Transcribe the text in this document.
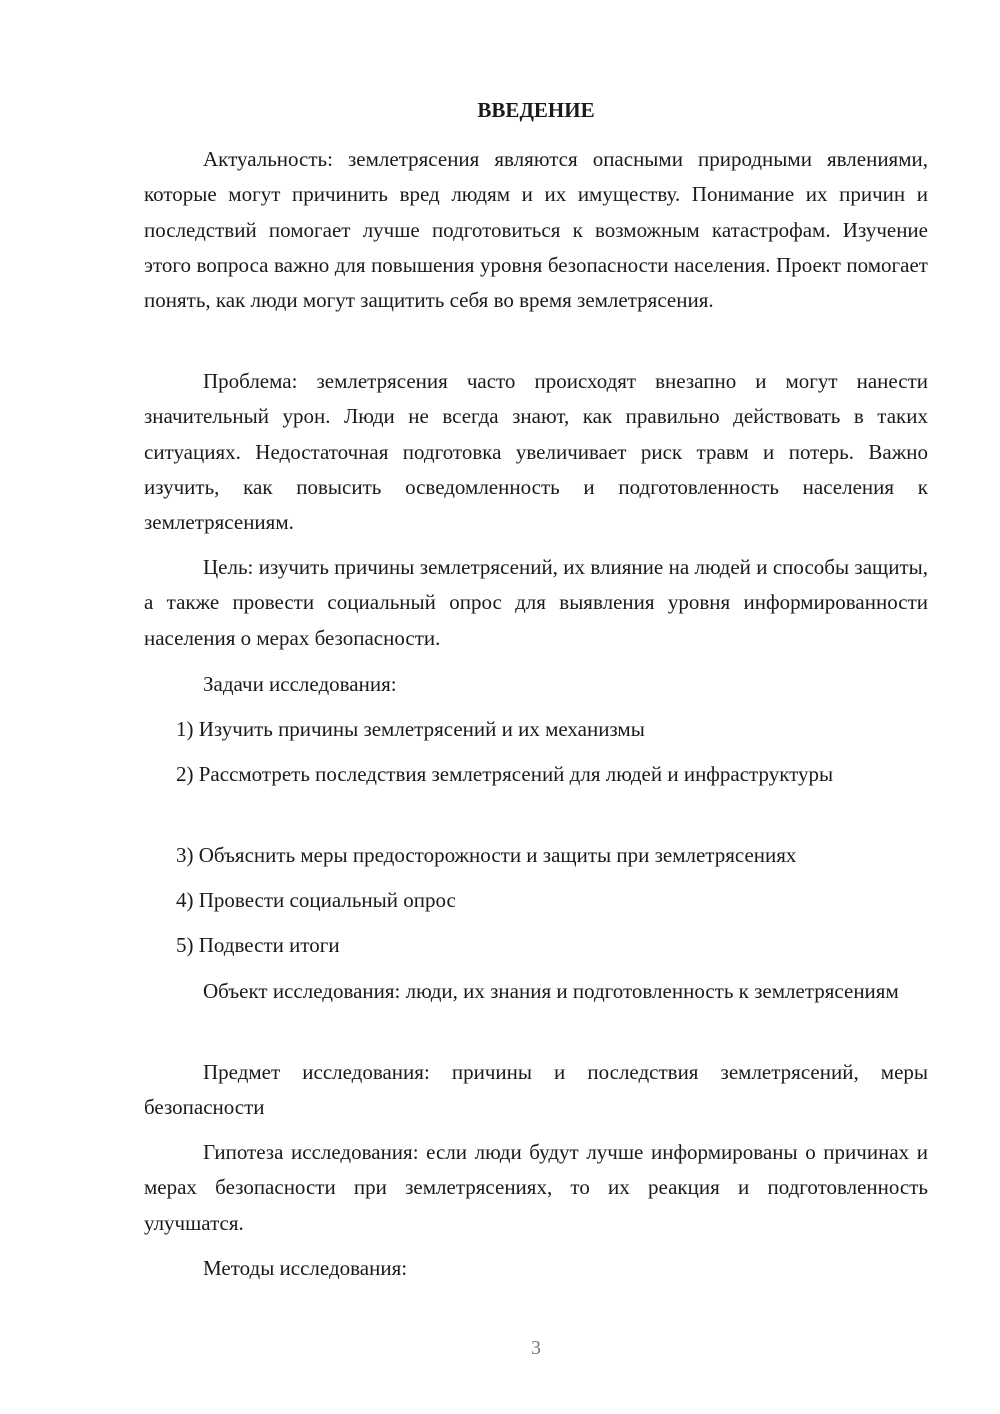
ВВЕДЕНИЕ
Актуальность: землетрясения являются опасными природными явлениями, которые могут причинить вред людям и их имуществу. Понимание их причин и последствий помогает лучше подготовиться к возможным катастрофам. Изучение этого вопроса важно для повышения уровня безопасности населения. Проект помогает понять, как люди могут защитить себя во время землетрясения.
Проблема: землетрясения часто происходят внезапно и могут нанести значительный урон. Люди не всегда знают, как правильно действовать в таких ситуациях. Недостаточная подготовка увеличивает риск травм и потерь. Важно изучить, как повысить осведомленность и подготовленность населения к землетрясениям.
Цель: изучить причины землетрясений, их влияние на людей и способы защиты, а также провести социальный опрос для выявления уровня информированности населения о мерах безопасности.
Задачи исследования:
1) Изучить причины землетрясений и их механизмы
2) Рассмотреть последствия землетрясений для людей и инфраструктуры
3) Объяснить меры предосторожности и защиты при землетрясениях
4) Провести социальный опрос
5) Подвести итоги
Объект исследования: люди, их знания и подготовленность к землетрясениям
Предмет исследования: причины и последствия землетрясений, меры безопасности
Гипотеза исследования: если люди будут лучше информированы о причинах и мерах безопасности при землетрясениях, то их реакция и подготовленность улучшатся.
Методы исследования:
3
